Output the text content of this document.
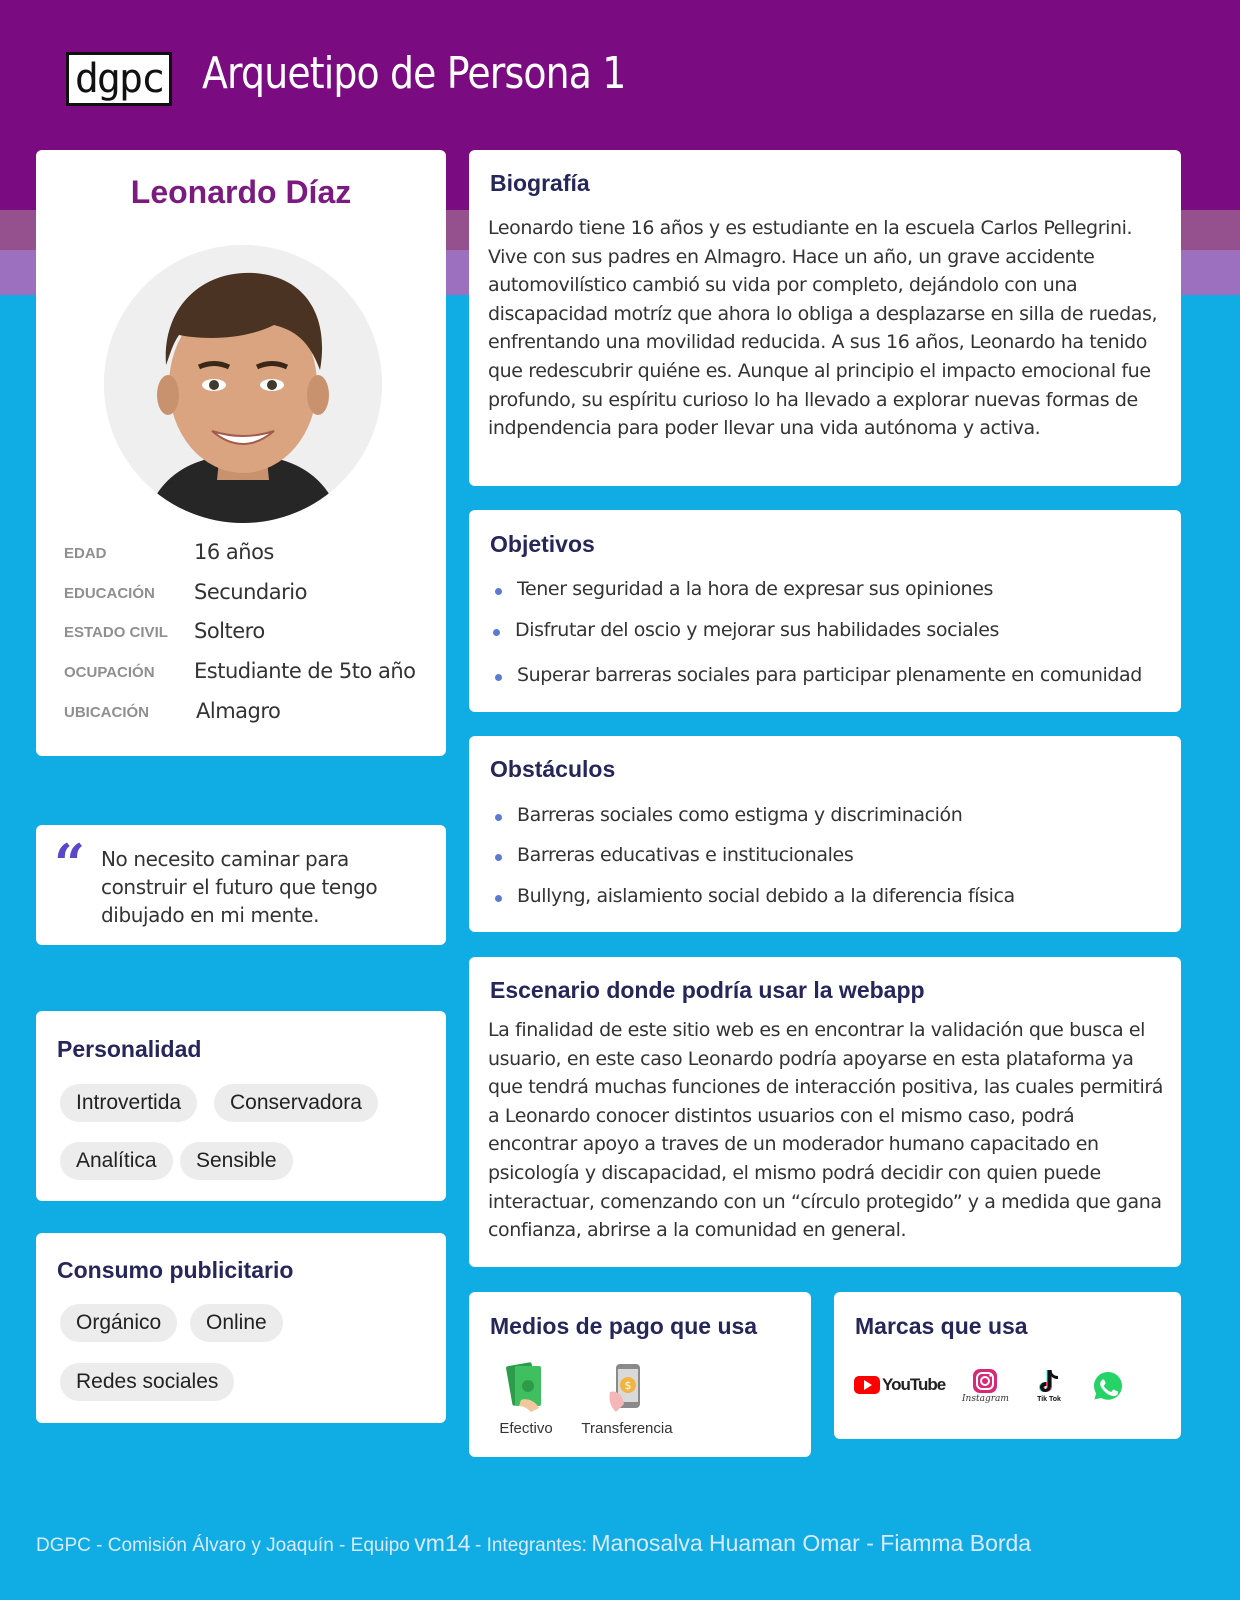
dgpc Arquetipo de Persona 1
Leonardo Díaz
EDAD	16 años
EDUCACIÓN Secundario
ESTADO CIVIL Soltero
OCUPACIÓN Estudiante de 5to año
UBICACIÓN Almagro
“ No necesito caminar para construir el futuro que tengo dibujado en mi mente.
Personalidad
Introvertida	Conservadora
Analítica	Sensible
Consumo publicitario
Orgánico	Online
Redes sociales
Biografía
Leonardo tiene 16 años y es estudiante en la escuela Carlos Pellegrini. Vive con sus padres en Almagro. Hace un año, un grave accidente automovilístico cambió su vida por completo, dejándolo con una discapacidad motríz que ahora lo obliga a desplazarse en silla de ruedas, enfrentando una movilidad reducida. A sus 16 años, Leonardo ha tenido que redescubrir quiéne es. Aunque al principio el impacto emocional fue profundo, su espíritu curioso lo ha llevado a explorar nuevas formas de indpendencia para poder llevar una vida autónoma y activa.
Objetivos
Tener seguridad a la hora de expresar sus opiniones
Disfrutar del oscio y mejorar sus habilidades sociales
Superar barreras sociales para participar plenamente en comunidad
Obstáculos
Barreras sociales como estigma y discriminación
Barreras educativas e institucionales
Bullyng, aislamiento social debido a la diferencia física
Escenario donde podría usar la webapp
La finalidad de este sitio web es en encontrar la validación que busca el usuario, en este caso Leonardo podría apoyarse en esta plataforma ya que tendrá muchas funciones de interacción positiva, las cuales permitirá a Leonardo conocer distintos usuarios con el mismo caso, podrá encontrar apoyo a traves de un moderador humano capacitado en psicología y discapacidad, el mismo podrá decidir con quien puede interactuar, comenzando con un “círculo protegido” y a medida que gana confianza, abrirse a la comunidad en general.
Medios de pago que usa
Efectivo
$
Transferencia
Marcas que usa
YouTube
Instagram	Tik Tok
DGPC - Comisión Álvaro y Joaquín - Equipo vm14 - Integrantes: Manosalva Huaman Omar - Fiamma Borda
